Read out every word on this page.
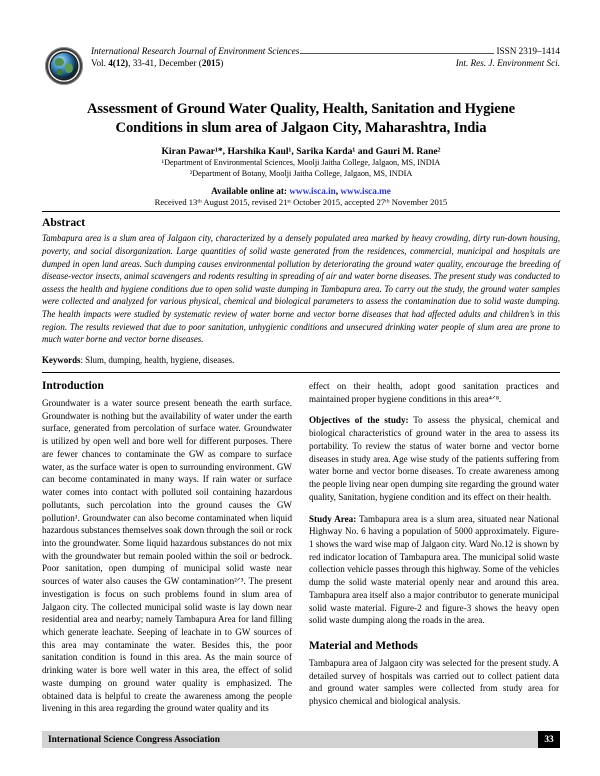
International Research Journal of Environment Sciences	ISSN 2319–1414
Vol. 4(12), 33-41, December (2015)	Int. Res. J. Environment Sci.
Assessment of Ground Water Quality, Health, Sanitation and Hygiene
Conditions in slum area of Jalgaon City, Maharashtra, India
Kiran Pawar¹*, Harshika Kaul¹, Sarika Karda¹ and Gauri M. Rane²
¹Department of Environmental Sciences, Moolji Jaitha College, Jalgaon, MS, INDIA
²Department of Botany, Moolji Jaitha College, Jalgaon, MS, INDIA
Available online at: www.isca.in, www.isca.me
Received 13ᵗʰ August 2015, revised 21ˢᵗ October 2015, accepted 27ᵗʰ November 2015
Abstract

Tambapura area is a slum area of Jalgaon city, characterized by a densely populated area marked by heavy crowding, dirty run-down housing, poverty, and social disorganization. Large quantities of solid waste generated from the residences, commercial, municipal and hospitals are dumped in open land areas. Such dumping causes environmental pollution by deteriorating the ground water quality, encourage the breeding of disease-vector insects, animal scavengers and rodents resulting in spreading of air and water borne diseases. The present study was conducted to assess the health and hygiene conditions due to open solid waste dumping in Tambapura area. To carry out the study, the ground water samples were collected and analyzed for various physical, chemical and biological parameters to assess the contamination due to solid waste dumping. The health impacts were studied by systematic review of water borne and vector borne diseases that had affected adults and children’s in this region. The results reviewed that due to poor sanitation, unhygienic conditions and unsecured drinking water people of slum area are prone to much water borne and vector borne diseases.

Keywords: Slum, dumping, health, hygiene, diseases.
Introduction

Groundwater is a water source present beneath the earth surface. Groundwater is nothing but the availability of water under the earth surface, generated from percolation of surface water. Groundwater is utilized by open well and bore well for different purposes. There are fewer chances to contaminate the GW as compare to surface water, as the surface water is open to surrounding environment. GW can become contaminated in many ways. If rain water or surface water comes into contact with polluted soil containing hazardous pollutants, such percolation into the ground causes the GW pollution¹. Groundwater can also become contaminated when liquid hazardous substances themselves soak down through the soil or rock into the groundwater. Some liquid hazardous substances do not mix with the groundwater but remain pooled within the soil or bedrock. Poor sanitation, open dumping of municipal solid waste near sources of water also causes the GW contamination²ᐟ³. The present investigation is focus on such problems found in slum area of Jalgaon city. The collected municipal solid waste is lay down near residential area and nearby; namely Tambapura Area for land filling which generate leachate. Seeping of leachate in to GW sources of this area may contaminate the water. Besides this, the poor sanitation condition is found in this area. As the main source of drinking water is bore well water in this area, the effect of solid waste dumping on ground water quality is emphasized. The obtained data is helpful to create the awareness among the people livening in this area regarding the ground water quality and its

effect on their health, adopt good sanitation practices and maintained proper hygiene conditions in this area⁴ᐟ⁸.

Objectives of the study: To assess the physical, chemical and biological characteristics of ground water in the area to assess its portability. To review the status of water borne and vector borne diseases in study area. Age wise study of the patients suffering from water borne and vector borne diseases. To create awareness among the people living near open dumping site regarding the ground water quality, Sanitation, hygiene condition and its effect on their health.

Study Area: Tambapura area is a slum area, situated near National Highway No. 6 having a population of 5000 approximately. Figure-1 shows the ward wise map of Jalgaon city. Ward No.12 is shown by red indicator location of Tambapura area. The municipal solid waste collection vehicle passes through this highway. Some of the vehicles dump the solid waste material openly near and around this area. Tambapura area itself also a major contributor to generate municipal solid waste material. Figure-2 and figure-3 shows the heavy open solid waste dumping along the roads in the area.

Material and Methods

Tambapura area of Jalgaon city was selected for the present study. A detailed survey of hospitals was carried out to collect patient data and ground water samples were collected from study area for physico chemical and biological analysis.

International Science Congress Association	33
